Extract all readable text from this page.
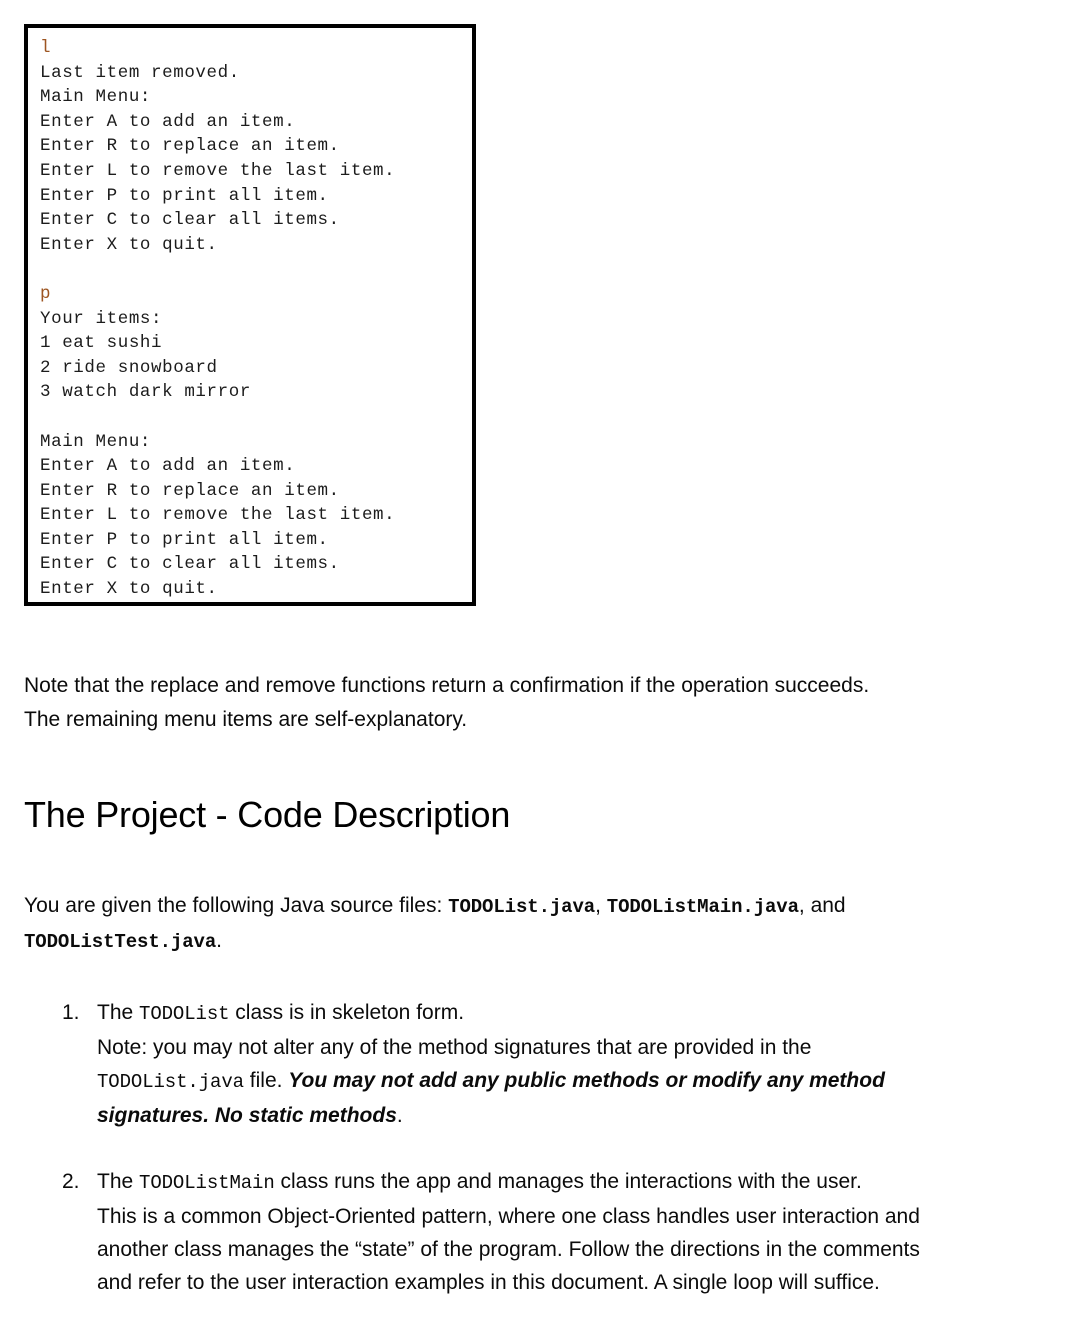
l
Last item removed.
Main Menu:
Enter A to add an item.
Enter R to replace an item.
Enter L to remove the last item.
Enter P to print all item.
Enter C to clear all items.
Enter X to quit.

p
Your items:
1 eat sushi
2 ride snowboard
3 watch dark mirror

Main Menu:
Enter A to add an item.
Enter R to replace an item.
Enter L to remove the last item.
Enter P to print all item.
Enter C to clear all items.
Enter X to quit.

Note that the replace and remove functions return a confirmation if the operation succeeds.
The remaining menu items are self-explanatory.

The Project - Code Description

You are given the following Java source files: TODOList.java, TODOListMain.java, and
TODOListTest.java.

1. The TODOList class is in skeleton form.
Note: you may not alter any of the method signatures that are provided in the
TODOList.java file. You may not add any public methods or modify any method
signatures. No static methods.
2. The TODOListMain class runs the app and manages the interactions with the user.
This is a common Object-Oriented pattern, where one class handles user interaction and
another class manages the “state” of the program. Follow the directions in the comments
and refer to the user interaction examples in this document. A single loop will suffice.
